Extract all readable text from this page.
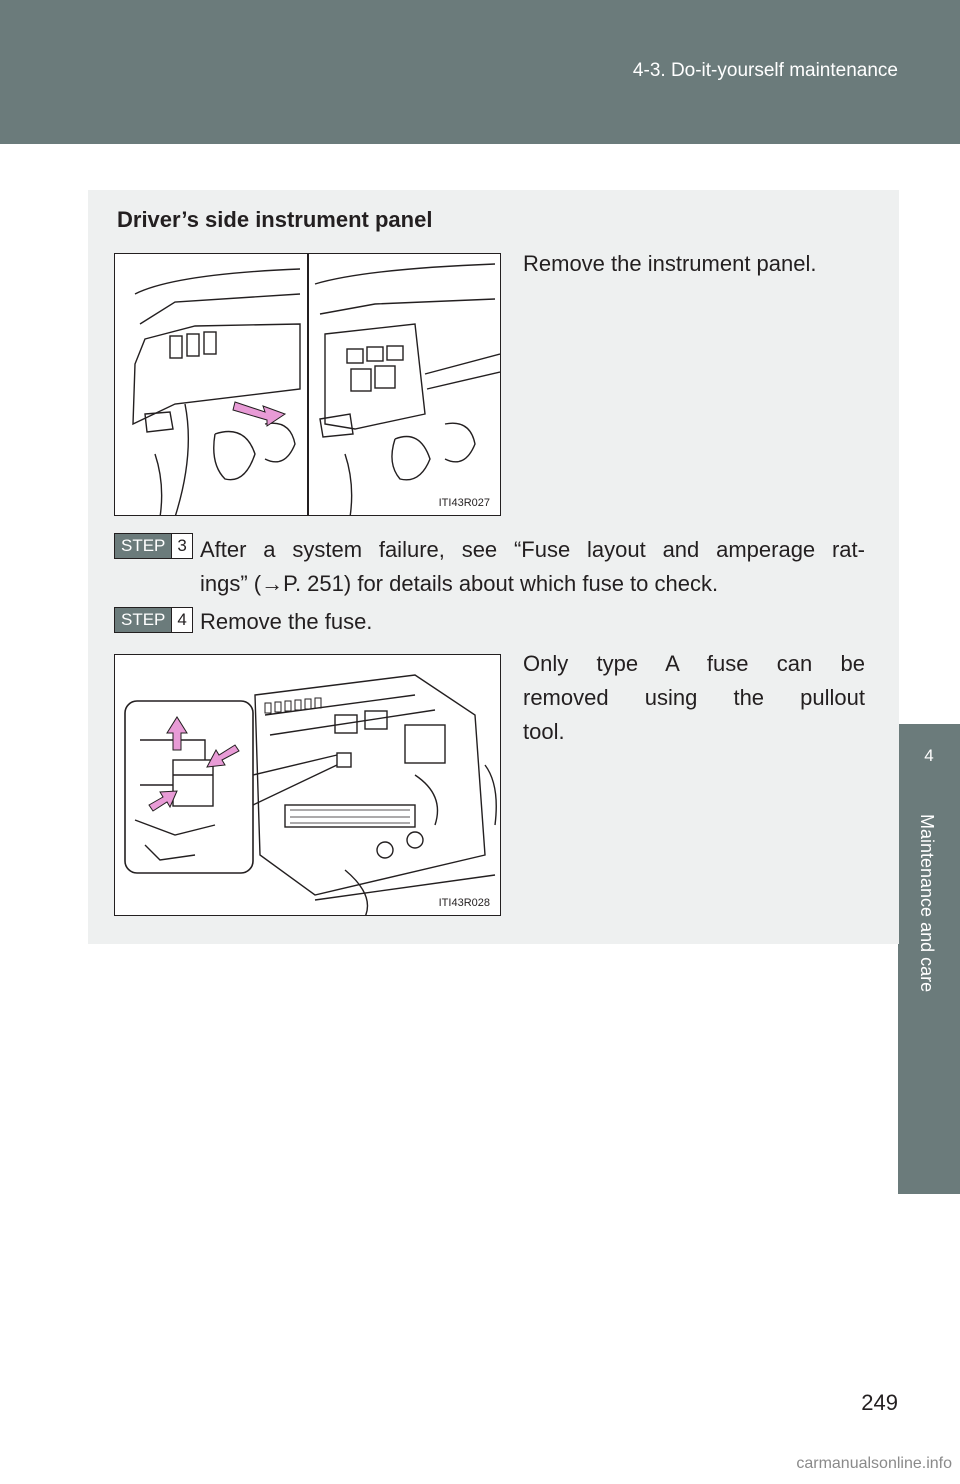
4-3. Do-it-yourself maintenance
4
Maintenance and care
Driver’s side instrument panel
ITI43R027
Remove the instrument panel.
STEP 3 After a system failure, see “Fuse layout and amperage rat-
ings” (→P. 251) for details about which fuse to check.
STEP 4 Remove the fuse.
ITI43R028
Only type A fuse can be
removed using the pullout
tool.
249
carmanualsonline.info
